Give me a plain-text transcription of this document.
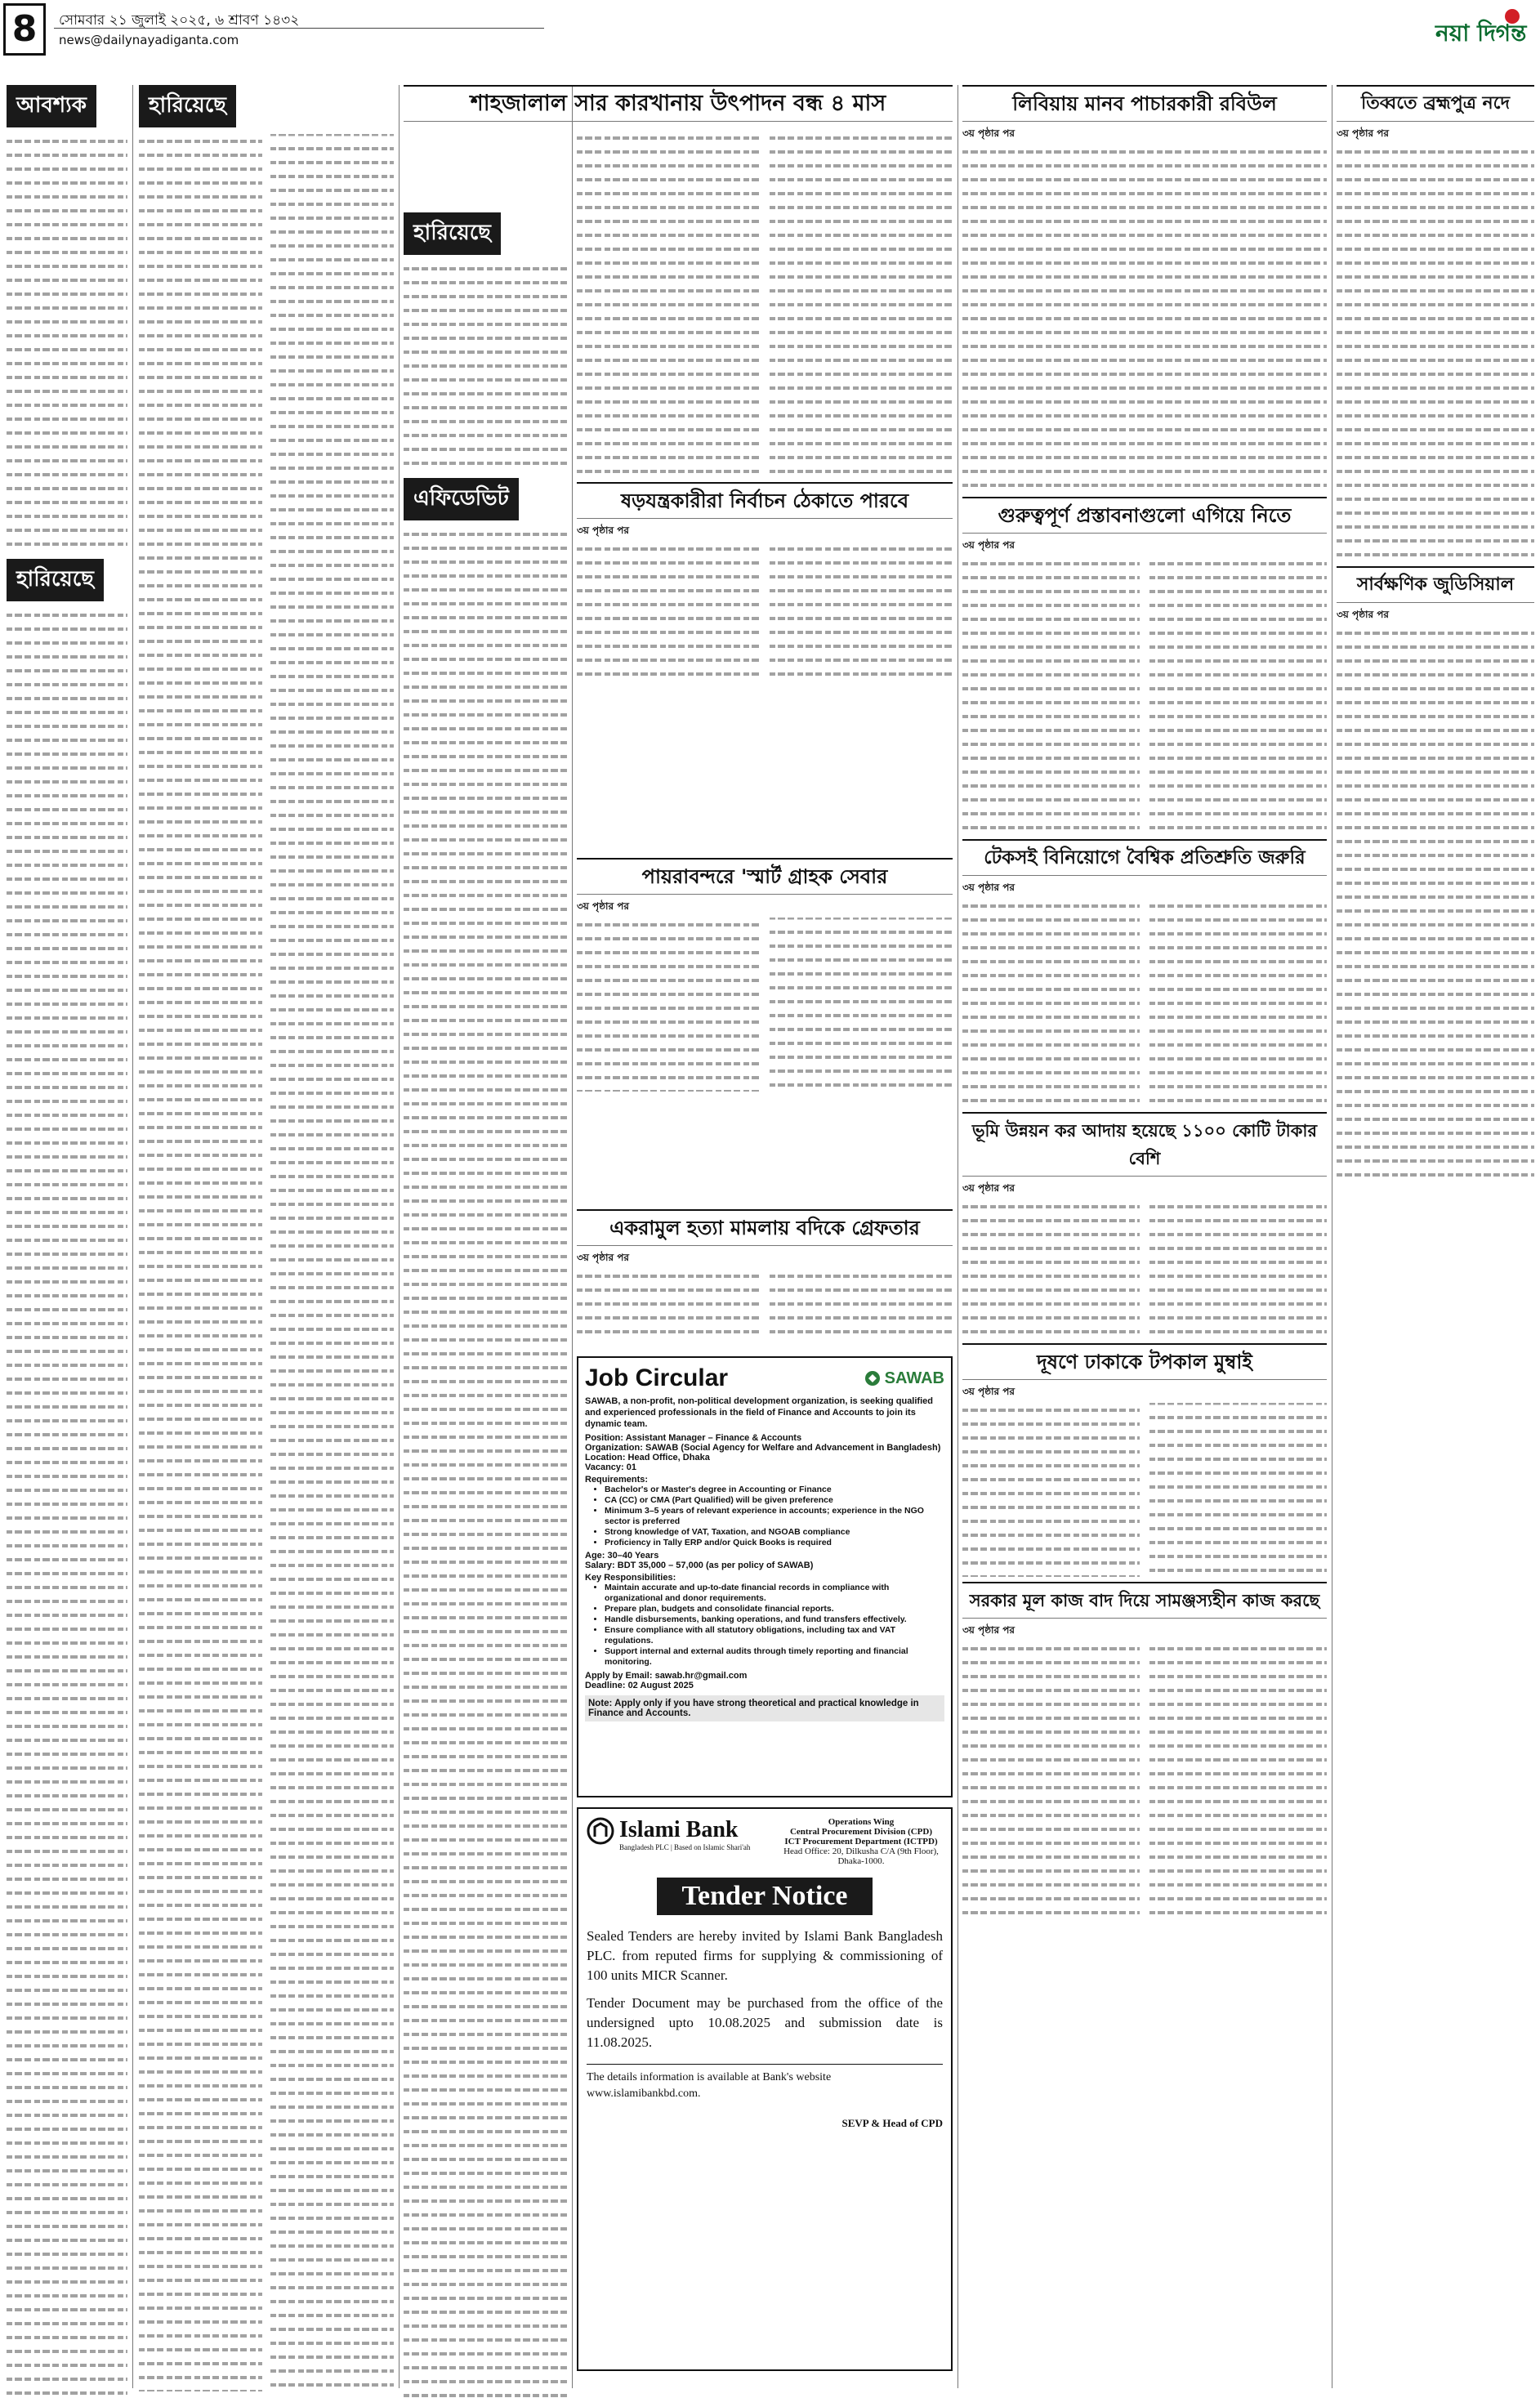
8	সোমবার ২১ জুলাই ২০২৫, ৬ শ্রাবণ ১৪৩২
news@dailynayadiganta.com	নয়া দিগন্ত
আবশ্যক
হারিয়েছে
হারিয়েছে
হারিয়েছে
এফিডেভিট
শাহজালাল সার কারখানায় উৎপাদন বন্ধ ৪ মাস
ষড়যন্ত্রকারীরা নির্বাচন ঠেকাতে পারবে
৩য় পৃষ্ঠার পর
পায়রাবন্দরে 'স্মার্ট গ্রাহক সেবার
৩য় পৃষ্ঠার পর
একরামুল হত্যা মামলায় বদিকে গ্রেফতার
৩য় পৃষ্ঠার পর
Job Circular	SAWAB
SAWAB, a non-profit, non-political development organization, is seeking qualified and experienced professionals in the field of Finance and Accounts to join its dynamic team.
Position: Assistant Manager – Finance & Accounts
Organization: SAWAB (Social Agency for Welfare and Advancement in Bangladesh)
Location: Head Office, Dhaka
Vacancy: 01
Requirements:
• Bachelor's or Master's degree in Accounting or Finance
• CA (CC) or CMA (Part Qualified) will be given preference
• Minimum 3–5 years of relevant experience in accounts; experience in the NGO sector is preferred
• Strong knowledge of VAT, Taxation, and NGOAB compliance
• Proficiency in Tally ERP and/or Quick Books is required
Age: 30–40 Years
Salary: BDT 35,000 – 57,000 (as per policy of SAWAB)
Key Responsibilities:
• Maintain accurate and up-to-date financial records in compliance with organizational and donor requirements.
• Prepare plan, budgets and consolidate financial reports.
• Handle disbursements, banking operations, and fund transfers effectively.
• Ensure compliance with all statutory obligations, including tax and VAT regulations.
• Support internal and external audits through timely reporting and financial monitoring.
Apply by Email: sawab.hr@gmail.com
Deadline: 02 August 2025
Note: Apply only if you have strong theoretical and practical knowledge in Finance and Accounts.
Islami Bank
Bangladesh PLC | Based on Islamic Shari'ah
Operations Wing
Central Procurement Division (CPD)
ICT Procurement Department (ICTPD)
Head Office: 20, Dilkusha C/A (9th Floor), Dhaka-1000.
Tender Notice
Sealed Tenders are hereby invited by Islami Bank Bangladesh PLC. from reputed firms for supplying & commissioning of 100 units MICR Scanner.
Tender Document may be purchased from the office of the undersigned upto 10.08.2025 and submission date is 11.08.2025.
The details information is available at Bank's website www.islamibankbd.com.
SEVP & Head of CPD
লিবিয়ায় মানব পাচারকারী রবিউল
৩য় পৃষ্ঠার পর
গুরুত্বপূর্ণ প্রস্তাবনাগুলো এগিয়ে নিতে
৩য় পৃষ্ঠার পর
টেকসই বিনিয়োগে বৈশ্বিক প্রতিশ্রুতি জরুরি
৩য় পৃষ্ঠার পর
ভূমি উন্নয়ন কর আদায় হয়েছে ১১০০ কোটি টাকার বেশি
৩য় পৃষ্ঠার পর
দূষণে ঢাকাকে টপকাল মুম্বাই
৩য় পৃষ্ঠার পর
সরকার মূল কাজ বাদ দিয়ে সামঞ্জস্যহীন কাজ করছে
৩য় পৃষ্ঠার পর
তিব্বতে ব্রহ্মপুত্র নদে
৩য় পৃষ্ঠার পর
সার্বক্ষণিক জুডিসিয়াল
৩য় পৃষ্ঠার পর
